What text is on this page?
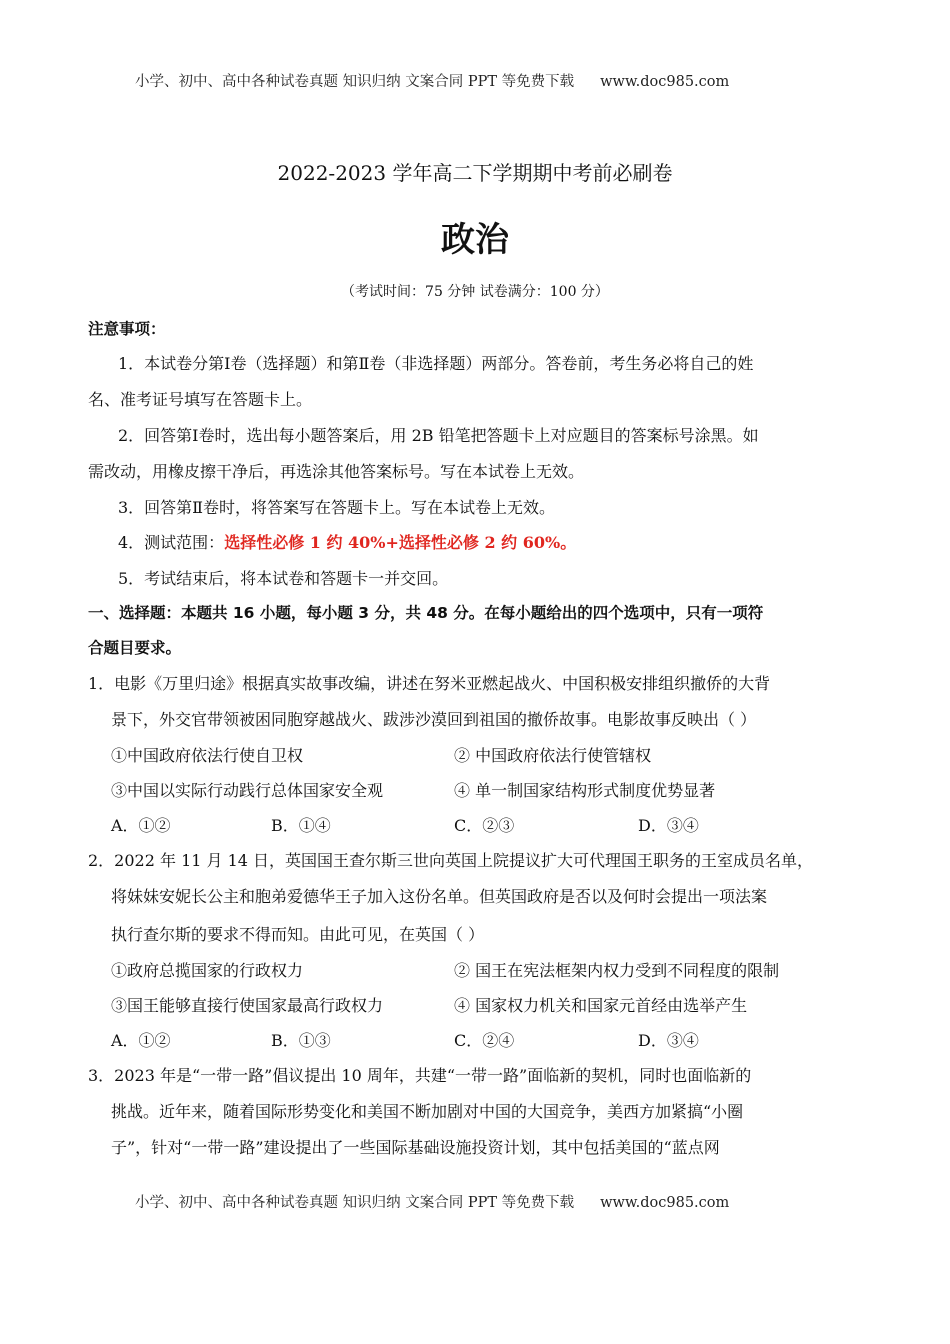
小学、初中、高中各种试卷真题 知识归纳 文案合同 PPT 等免费下载 www.doc985.com
2022-2023 学年高二下学期期中考前必刷卷
政治
（考试时间：75 分钟 试卷满分：100 分）
注意事项：
1．本试卷分第Ⅰ卷（选择题）和第Ⅱ卷（非选择题）两部分。答卷前，考生务必将自己的姓
名、准考证号填写在答题卡上。
2．回答第Ⅰ卷时，选出每小题答案后，用 2B 铅笔把答题卡上对应题目的答案标号涂黑。如
需改动，用橡皮擦干净后，再选涂其他答案标号。写在本试卷上无效。
3．回答第Ⅱ卷时，将答案写在答题卡上。写在本试卷上无效。
4．测试范围：选择性必修 1 约 40%+选择性必修 2 约 60%。
5．考试结束后，将本试卷和答题卡一并交回。
一、选择题：本题共 16 小题，每小题 3 分，共 48 分。在每小题给出的四个选项中，只有一项符
合题目要求。
1．电影《万里归途》根据真实故事改编，讲述在努米亚燃起战火、中国积极安排组织撤侨的大背
景下，外交官带领被困同胞穿越战火、跋涉沙漠回到祖国的撤侨故事。电影故事反映出（ ）
①中国政府依法行使自卫权	② 中国政府依法行使管辖权
③中国以实际行动践行总体国家安全观	④ 单一制国家结构形式制度优势显著
A．①②	B．①④	C．②③	D．③④
2．2022 年 11 月 14 日，英国国王查尔斯三世向英国上院提议扩大可代理国王职务的王室成员名单，
将妹妹安妮长公主和胞弟爱德华王子加入这份名单。但英国政府是否以及何时会提出一项法案
执行查尔斯的要求不得而知。由此可见，在英国（ ）
①政府总揽国家的行政权力	② 国王在宪法框架内权力受到不同程度的限制
③国王能够直接行使国家最高行政权力	④ 国家权力机关和国家元首经由选举产生
A．①②	B．①③	C．②④	D．③④
3．2023 年是“一带一路”倡议提出 10 周年，共建“一带一路”面临新的契机，同时也面临新的
挑战。近年来，随着国际形势变化和美国不断加剧对中国的大国竞争，美西方加紧搞“小圈
子”，针对“一带一路”建设提出了一些国际基础设施投资计划，其中包括美国的“蓝点网
小学、初中、高中各种试卷真题 知识归纳 文案合同 PPT 等免费下载 www.doc985.com
